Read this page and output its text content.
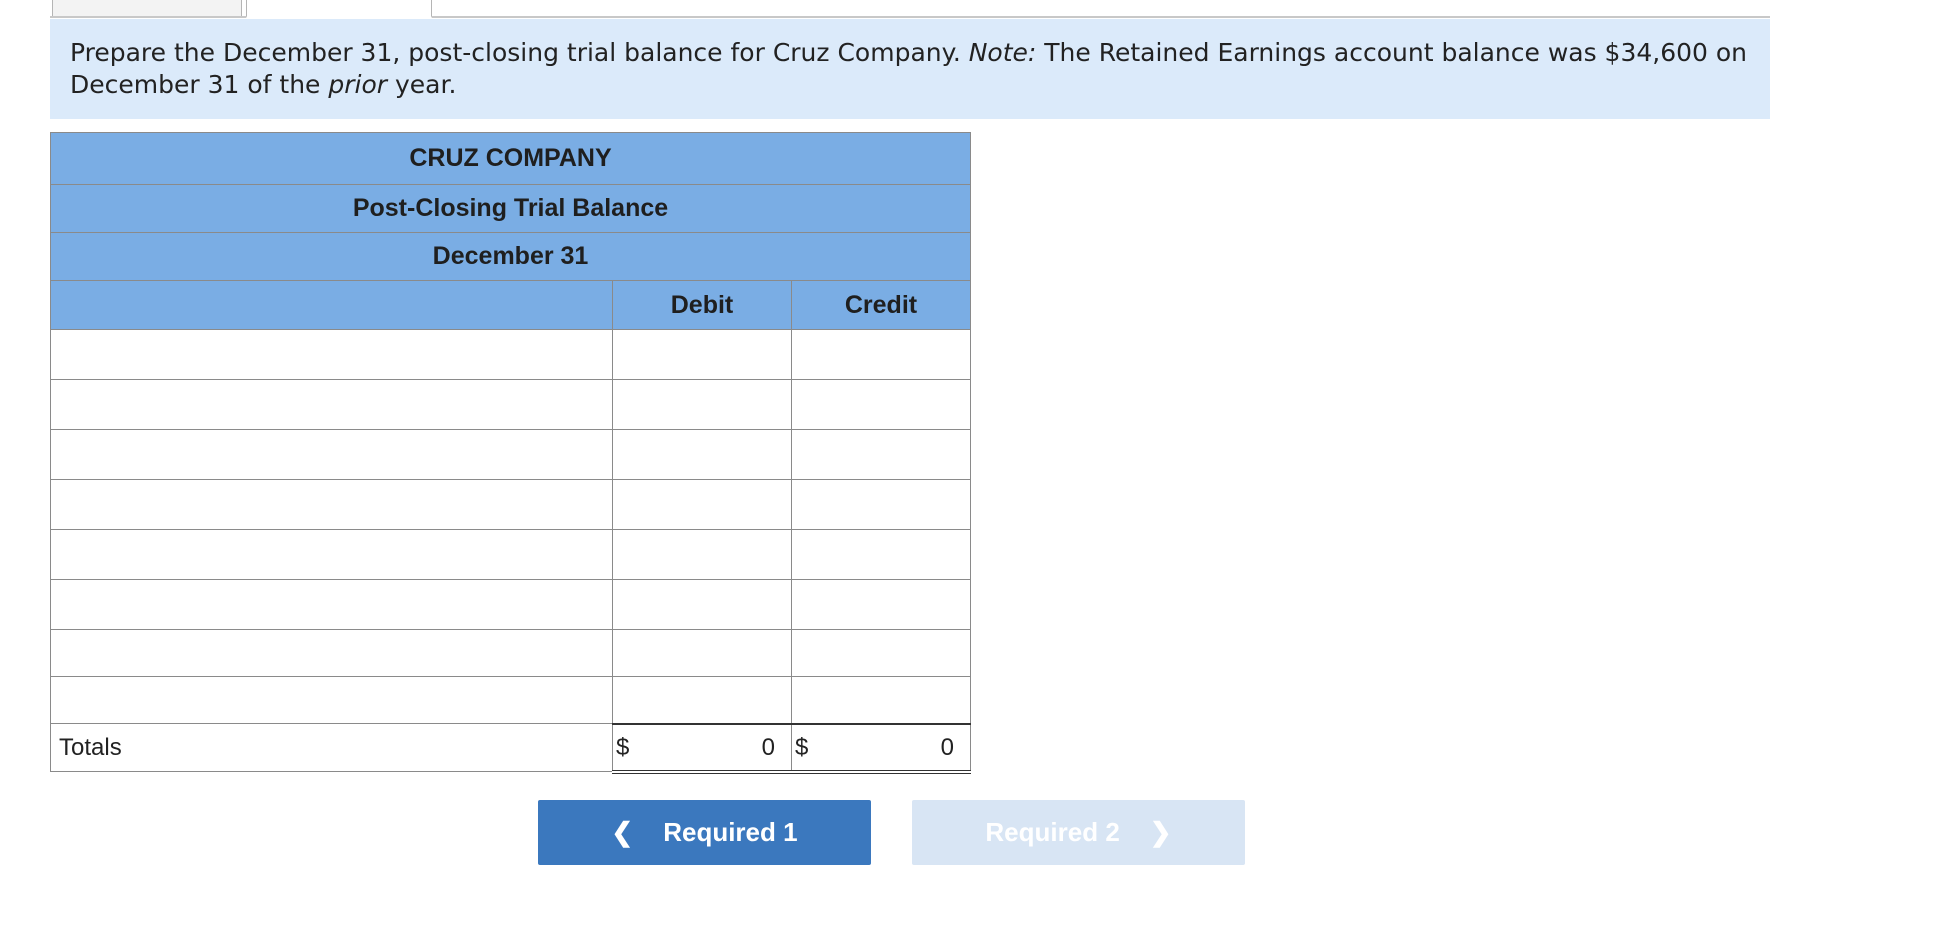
Prepare the December 31, post-closing trial balance for Cruz Company. Note: The Retained Earnings account balance was $34,600 on December 31 of the prior year.
CRUZ COMPANY		
Post-Closing Trial Balance		
December 31		
	Debit	Credit

Totals	$ 0	$ 0
❮ Required 1	Required 2 ❯
